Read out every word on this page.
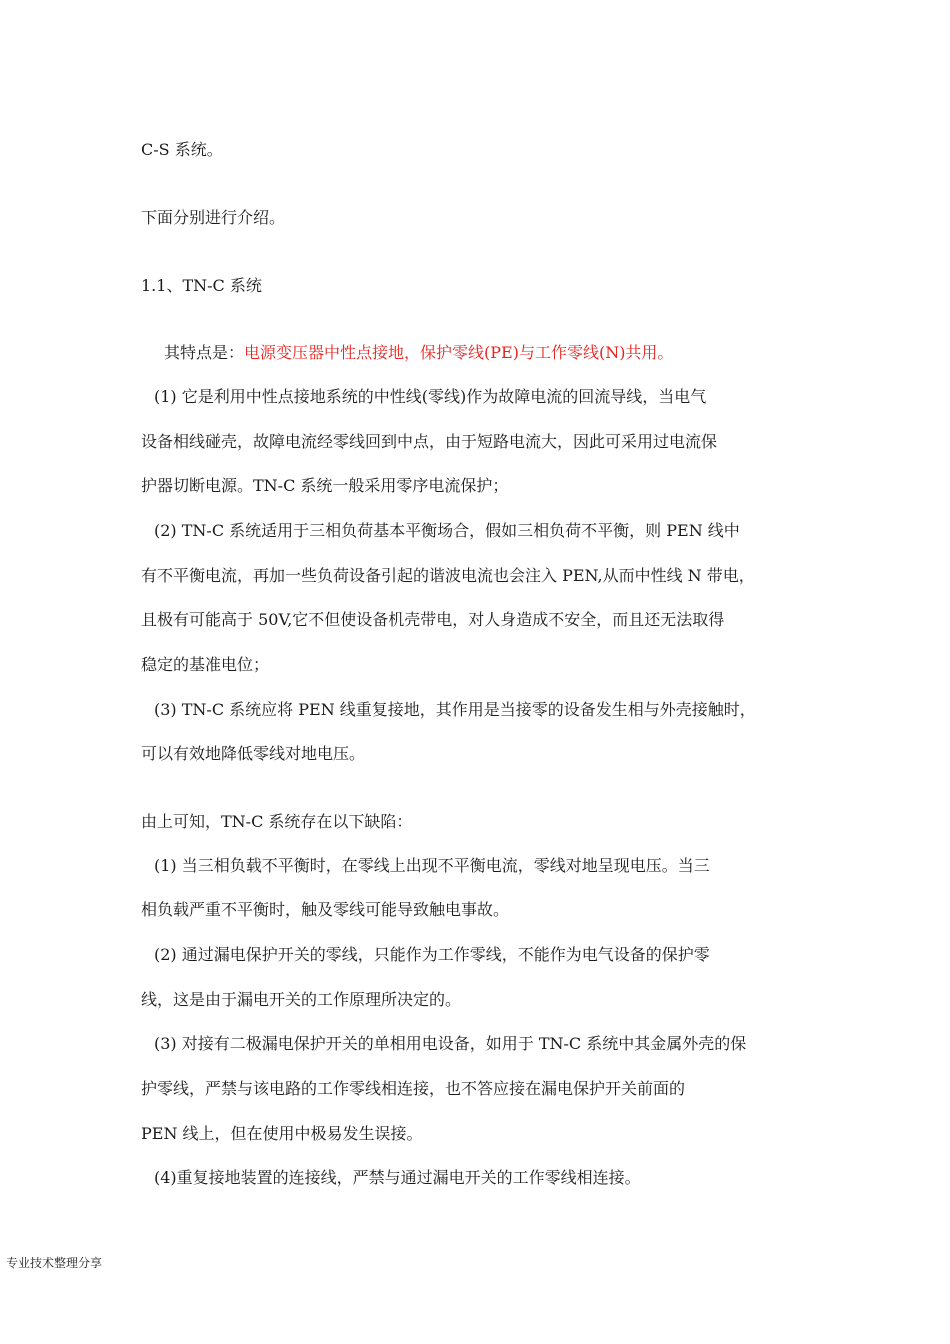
C-S 系统。
下面分别进行介绍。
1.1、TN-C 系统
其特点是：电源变压器中性点接地，保护零线(PE)与工作零线(N)共用。
(1) 它是利用中性点接地系统的中性线(零线)作为故障电流的回流导线，当电气
设备相线碰壳，故障电流经零线回到中点，由于短路电流大，因此可采用过电流保
护器切断电源。TN-C 系统一般采用零序电流保护；
(2) TN-C 系统适用于三相负荷基本平衡场合，假如三相负荷不平衡，则 PEN 线中
有不平衡电流，再加一些负荷设备引起的谐波电流也会注入 PEN,从而中性线 N 带电，
且极有可能高于 50V,它不但使设备机壳带电，对人身造成不安全，而且还无法取得
稳定的基准电位；
(3) TN-C 系统应将 PEN 线重复接地，其作用是当接零的设备发生相与外壳接触时，
可以有效地降低零线对地电压。
由上可知，TN-C 系统存在以下缺陷：
(1) 当三相负载不平衡时，在零线上出现不平衡电流，零线对地呈现电压。当三
相负载严重不平衡时，触及零线可能导致触电事故。
(2) 通过漏电保护开关的零线，只能作为工作零线，不能作为电气设备的保护零
线，这是由于漏电开关的工作原理所决定的。
(3) 对接有二极漏电保护开关的单相用电设备，如用于 TN-C 系统中其金属外壳的保
护零线，严禁与该电路的工作零线相连接，也不答应接在漏电保护开关前面的
PEN 线上，但在使用中极易发生误接。
(4)重复接地装置的连接线，严禁与通过漏电开关的工作零线相连接。
专业技术整理分享
